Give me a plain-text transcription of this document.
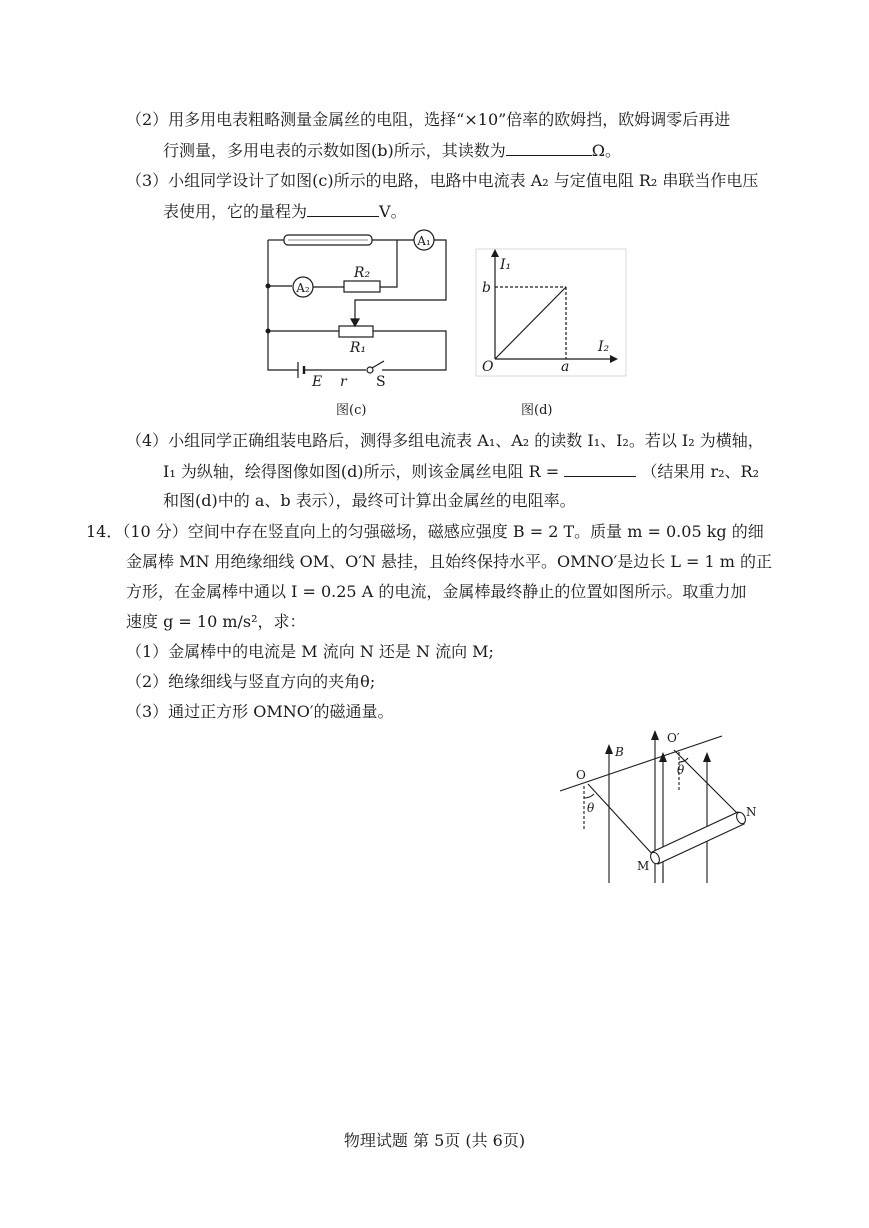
（2）用多用电表粗略测量金属丝的电阻，选择“×10”倍率的欧姆挡，欧姆调零后再进
行测量，多用电表的示数如图(b)所示，其读数为	Ω。
（3）小组同学设计了如图(c)所示的电路，电路中电流表 A₂ 与定值电阻 R₂ 串联当作电压
表使用，它的量程为	V。
A₁
A₂
R₂
R₁
E r S
图(c)
I₁
I₂
O	a
b
图(d)
（4）小组同学正确组装电路后，测得多组电流表 A₁、A₂ 的读数 I₁、I₂。若以 I₂ 为横轴，
I₁ 为纵轴，绘得图像如图(d)所示，则该金属丝电阻 R =	（结果用 r₂、R₂
和图(d)中的 a、b 表示），最终可计算出金属丝的电阻率。
14．（10 分）空间中存在竖直向上的匀强磁场，磁感应强度 B = 2 T。质量 m = 0.05 kg 的细
金属棒 MN 用绝缘细线 OM、O′N 悬挂，且始终保持水平。OMNO′是边长 L = 1 m 的正
方形，在金属棒中通以 I = 0.25 A 的电流，金属棒最终静止的位置如图所示。取重力加
速度 g = 10 m/s²，求：
（1）金属棒中的电流是 M 流向 N 还是 N 流向 M;
（2）绝缘细线与竖直方向的夹角θ;
（3）通过正方形 OMNO′的磁通量。
B
O
O′
θ
θ
M
N
物理试题 第 5页 (共 6页)
